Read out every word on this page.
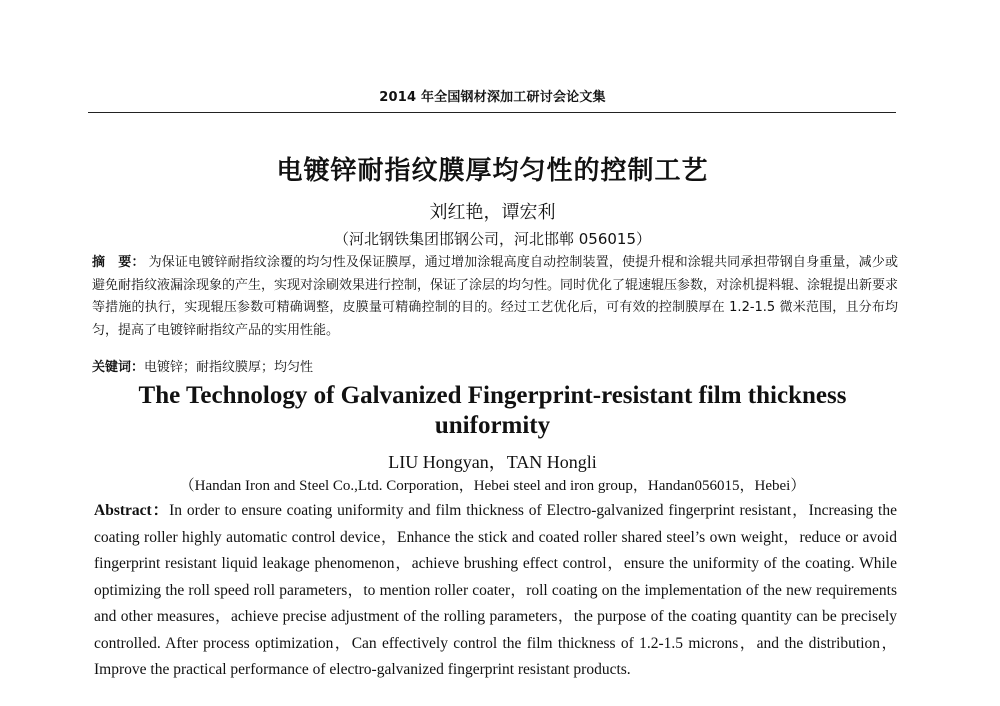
2014 年全国钢材深加工研讨会论文集
电镀锌耐指纹膜厚均匀性的控制工艺
刘红艳，谭宏利
（河北钢铁集团邯钢公司，河北邯郸 056015）
摘　要： 为保证电镀锌耐指纹涂覆的均匀性及保证膜厚，通过增加涂辊高度自动控制装置，使提升棍和涂辊共同承担带钢自身重量，减少或避免耐指纹液漏涂现象的产生，实现对涂刷效果进行控制，保证了涂层的均匀性。同时优化了辊速辊压参数，对涂机提料辊、涂辊提出新要求等措施的执行，实现辊压参数可精确调整，皮膜量可精确控制的目的。经过工艺优化后，可有效的控制膜厚在 1.2-1.5 微米范围，且分布均匀，提高了电镀锌耐指纹产品的实用性能。
关键词：电镀锌；耐指纹膜厚；均匀性
The Technology of Galvanized Fingerprint-resistant film thickness uniformity
LIU Hongyan，TAN Hongli
（Handan Iron and Steel Co.,Ltd. Corporation，Hebei steel and iron group，Handan056015，Hebei）
Abstract：In order to ensure coating uniformity and film thickness of Electro-galvanized fingerprint resistant，Increasing the coating roller highly automatic control device，Enhance the stick and coated roller shared steel’s own weight，reduce or avoid fingerprint resistant liquid leakage phenomenon，achieve brushing effect control，ensure the uniformity of the coating. While optimizing the roll speed roll parameters，to mention roller coater，roll coating on the implementation of the new requirements and other measures，achieve precise adjustment of the rolling parameters，the purpose of the coating quantity can be precisely controlled. After process optimization，Can effectively control the film thickness of 1.2-1.5 microns，and the distribution，Improve the practical performance of electro-galvanized fingerprint resistant products.
